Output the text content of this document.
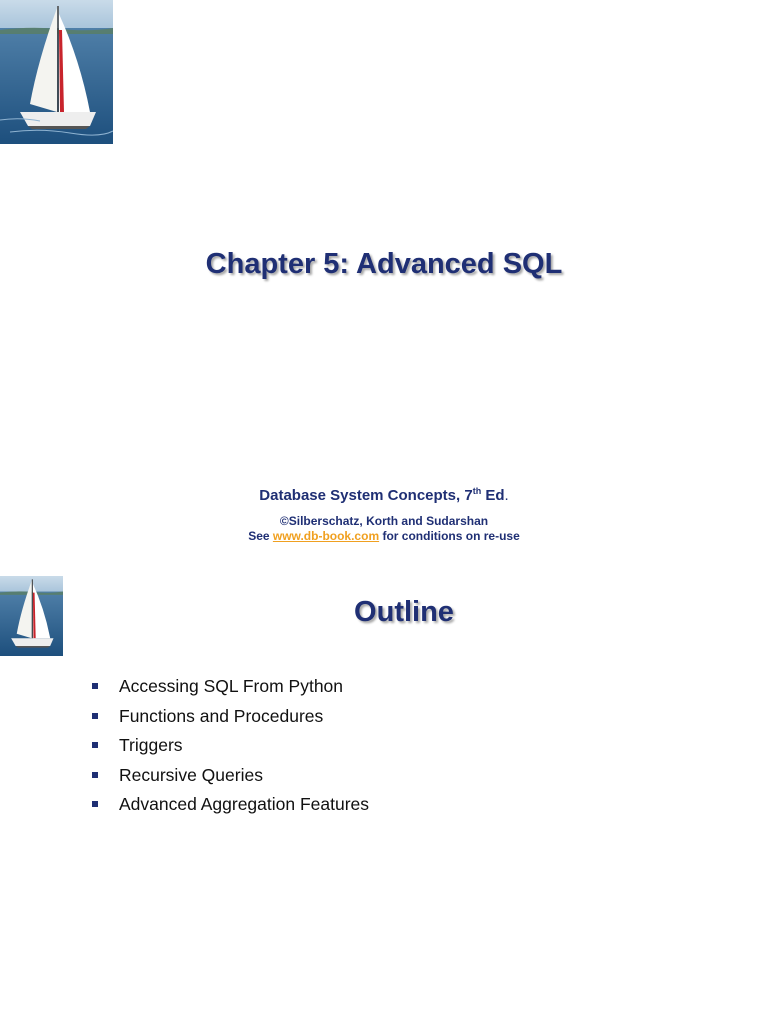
Chapter 5: Advanced SQL
Database System Concepts, 7th Ed.
©Silberschatz, Korth and Sudarshan
See www.db-book.com for conditions on re-use
Outline
Accessing SQL From Python
Functions and Procedures
Triggers
Recursive Queries
Advanced Aggregation Features
